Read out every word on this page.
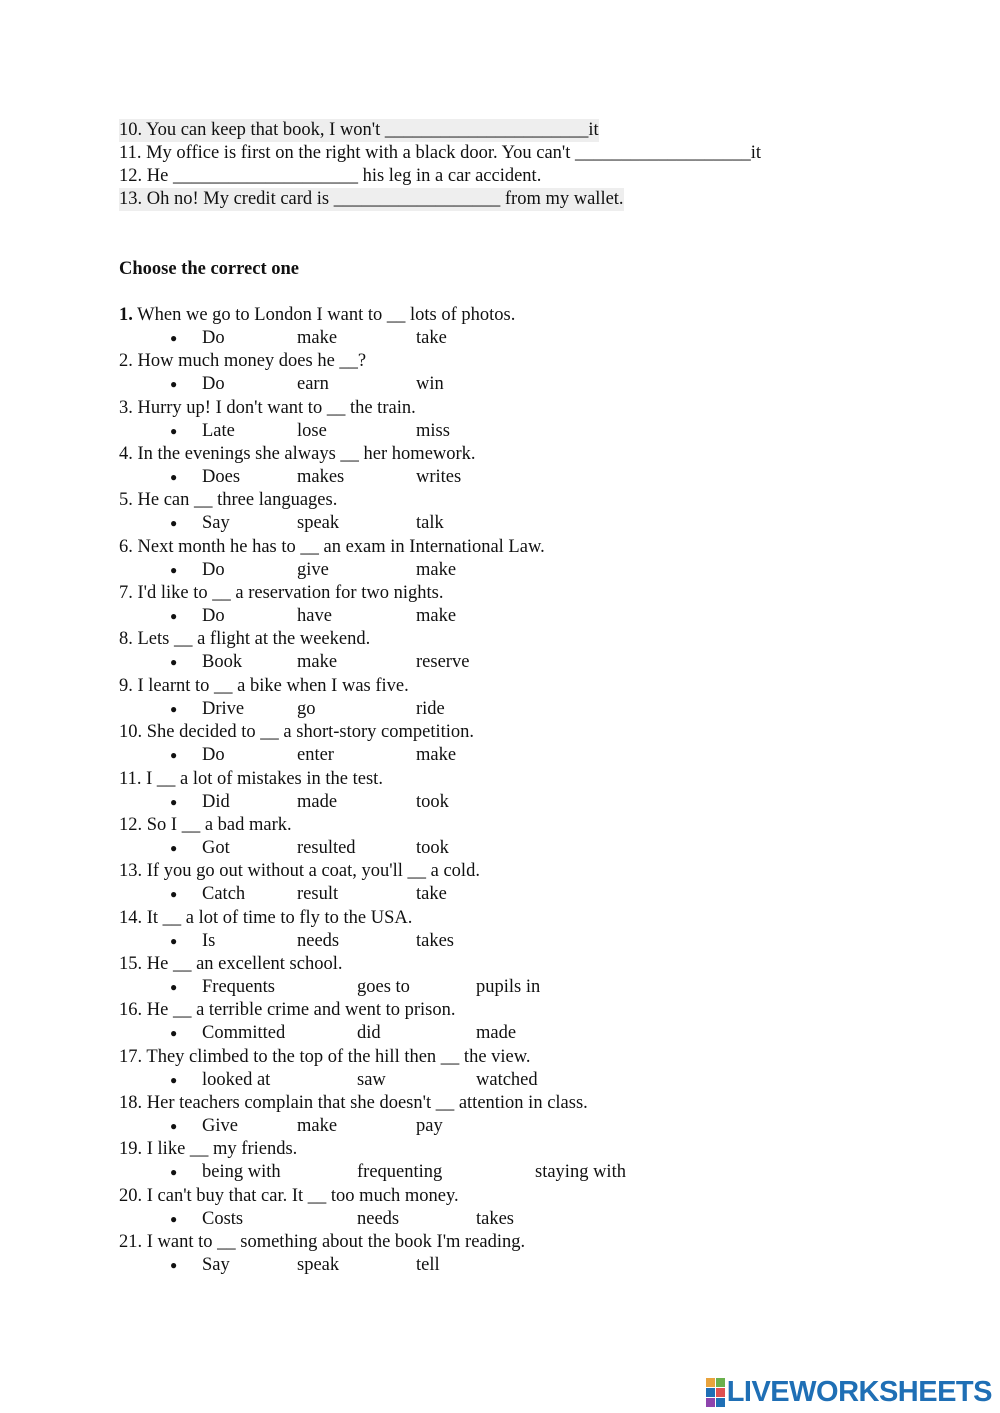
10. You can keep that book, I won't ______________________it
11. My office is first on the right with a black door. You can't ___________________it
12. He ____________________ his leg in a car accident.
13. Oh no! My credit card is __________________ from my wallet.
Choose the correct one
1. When we go to London I want to __ lots of photos.
● Do	make	take
2. How much money does he __?
● Do	earn	win
3. Hurry up! I don't want to __ the train.
● Late	lose	miss
4. In the evenings she always __ her homework.
● Does	makes	writes
5. He can __ three languages.
● Say	speak	talk
6. Next month he has to __ an exam in International Law.
● Do	give	make
7. I'd like to __ a reservation for two nights.
● Do	have	make
8. Lets __ a flight at the weekend.
● Book	make	reserve
9. I learnt to __ a bike when I was five.
● Drive	go	ride
10. She decided to __ a short-story competition.
● Do	enter	make
11. I __ a lot of mistakes in the test.
● Did	made	took
12. So I __ a bad mark.
● Got	resulted	took
13. If you go out without a coat, you'll __ a cold.
● Catch	result	take
14. It __ a lot of time to fly to the USA.
● Is	needs	takes
15. He __ an excellent school.
● Frequents	goes to	pupils in
16. He __ a terrible crime and went to prison.
● Committed	did	made
17. They climbed to the top of the hill then __ the view.
● looked at	saw	watched
18. Her teachers complain that she doesn't __ attention in class.
● Give	make	pay
19. I like __ my friends.
● being with	frequenting	staying with
20. I can't buy that car. It __ too much money.
● Costs	needs	takes
21. I want to __ something about the book I'm reading.
● Say	speak	tell
LIVEWORKSHEETS
